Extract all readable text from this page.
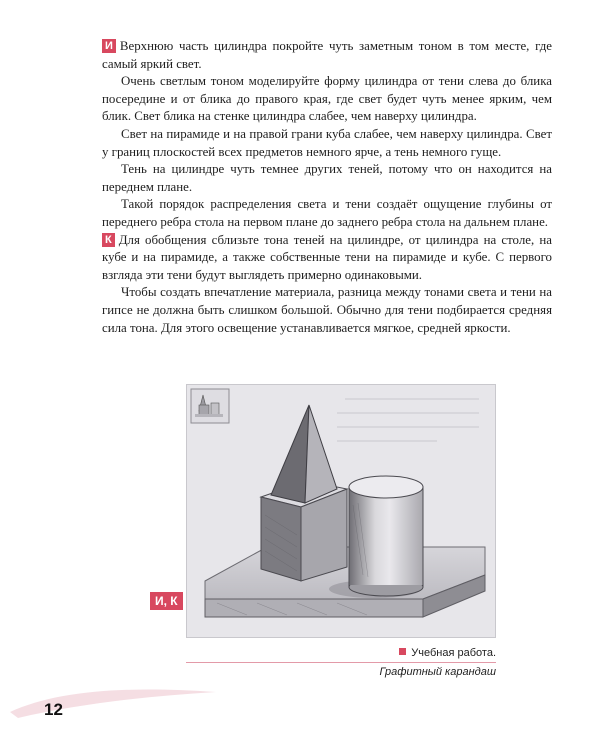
И Верхнюю часть цилиндра покройте чуть заметным тоном в том месте, где самый яркий свет.

Очень светлым тоном моделируйте форму цилиндра от тени слева до блика посередине и от блика до правого края, где свет будет чуть менее ярким, чем блик. Свет блика на стенке цилиндра слабее, чем наверху цилиндра.

Свет на пирамиде и на правой грани куба слабее, чем наверху цилиндра. Свет у границ плоскостей всех предметов немного ярче, а тень немного гуще.

Тень на цилиндре чуть темнее других теней, потому что он находится на переднем плане.

Такой порядок распределения света и тени создаёт ощущение глубины от переднего ребра стола на первом плане до заднего ребра стола на дальнем плане.

К Для обобщения сблизьте тона теней на цилиндре, от цилиндра на столе, на кубе и на пирамиде, а также собственные тени на пирамиде и кубе. С первого взгляда эти тени будут выглядеть примерно одинаковыми.

Чтобы создать впечатление материала, разница между тонами света и тени на гипсе не должна быть слишком большой. Обычно для тени подбирается средняя сила тона. Для этого освещение устанавливается мягкое, средней яркости.

И, К
Учебная работа.
Графитный карандаш
12
